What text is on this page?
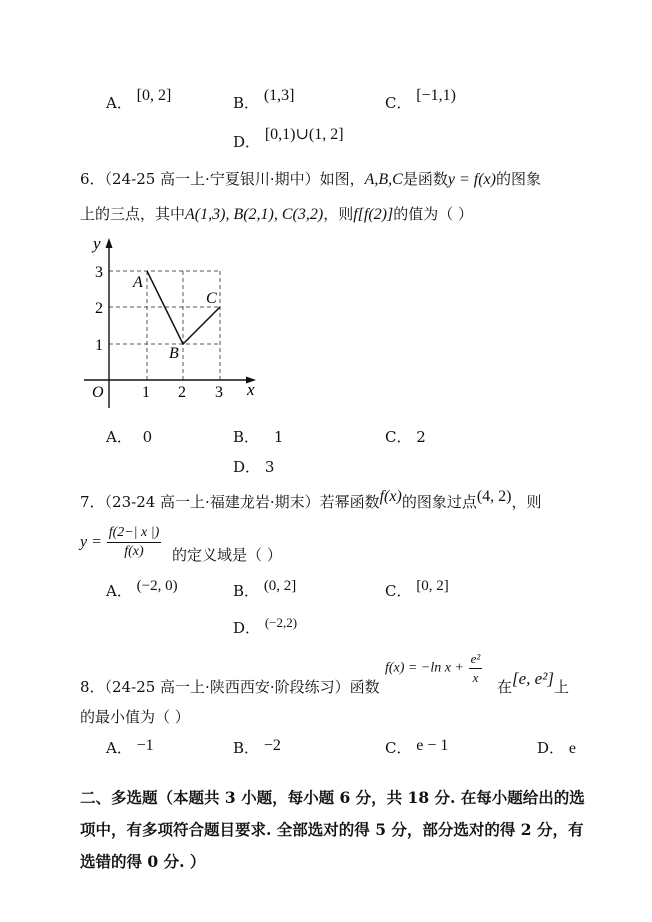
A． [0, 2]	B． (1,3]	C． [−1,1)
D． [0,1)∪(1, 2]
6．（24-25 高一上·宁夏银川·期中）如图，A,B,C是函数y = f(x)的图象
上的三点，其中A(1,3), B(2,1), C(3,2)，则f[f(2)]的值为（ ）
y
x
O 1 2 3
1
2
3
A
B
C
A． 0	B． 1	C． 2
D． 3
7．（23-24 高一上·福建龙岩·期末）若幂函数f(x)的图象过点(4, 2)，则
$y = \frac{f(2-| x |)}{f(x)}$ 的定义域是（ ）
A． (−2, 0)	B． (0, 2]	C． [0, 2]
D． (−2,2)
8．（24-25 高一上·陕西西安·阶段练习）函数
f(x) = −ln $x + \frac{\text{e²}}{x}$ 在[e, e²]上
的最小值为（ ）
A． −1	B． −2	C． e − 1	D． e
二、多选题（本题共 3 小题，每小题 6 分，共 18 分. 在每小题给出的选
项中，有多项符合题目要求. 全部选对的得 5 分，部分选对的得 2 分，有
选错的得 0 分. ）
